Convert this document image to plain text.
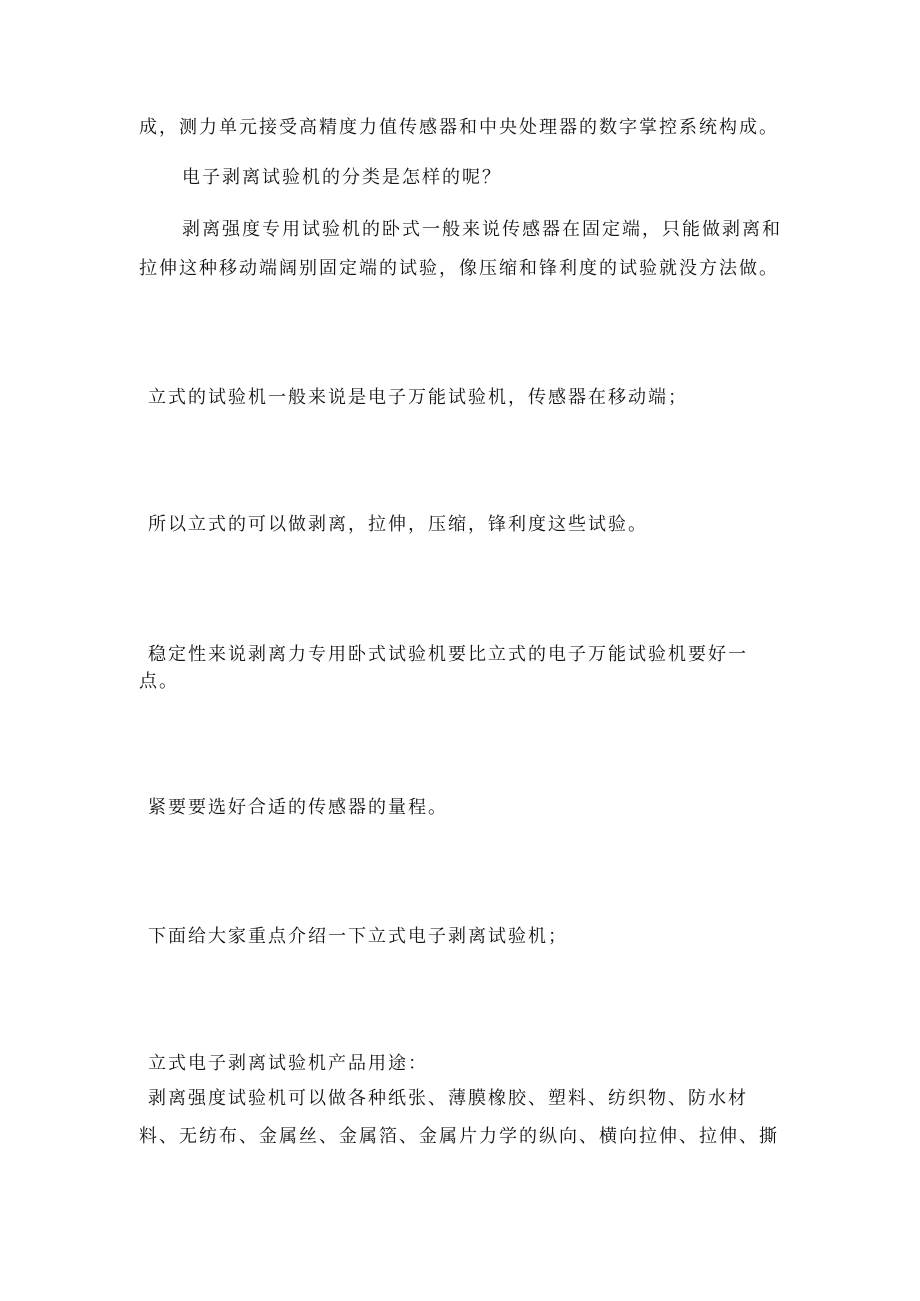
成，测力单元接受高精度力值传感器和中央处理器的数字掌控系统构成。

电子剥离试验机的分类是怎样的呢？

剥离强度专用试验机的卧式一般来说传感器在固定端，只能做剥离和

拉伸这种移动端阔别固定端的试验，像压缩和锋利度的试验就没方法做。

立式的试验机一般来说是电子万能试验机，传感器在移动端；

所以立式的可以做剥离，拉伸，压缩，锋利度这些试验。

稳定性来说剥离力专用卧式试验机要比立式的电子万能试验机要好一

点。

紧要要选好合适的传感器的量程。

下面给大家重点介绍一下立式电子剥离试验机；

立式电子剥离试验机产品用途：

剥离强度试验机可以做各种纸张、薄膜橡胶、塑料、纺织物、防水材

料、无纺布、金属丝、金属箔、金属片力学的纵向、横向拉伸、拉伸、撕
